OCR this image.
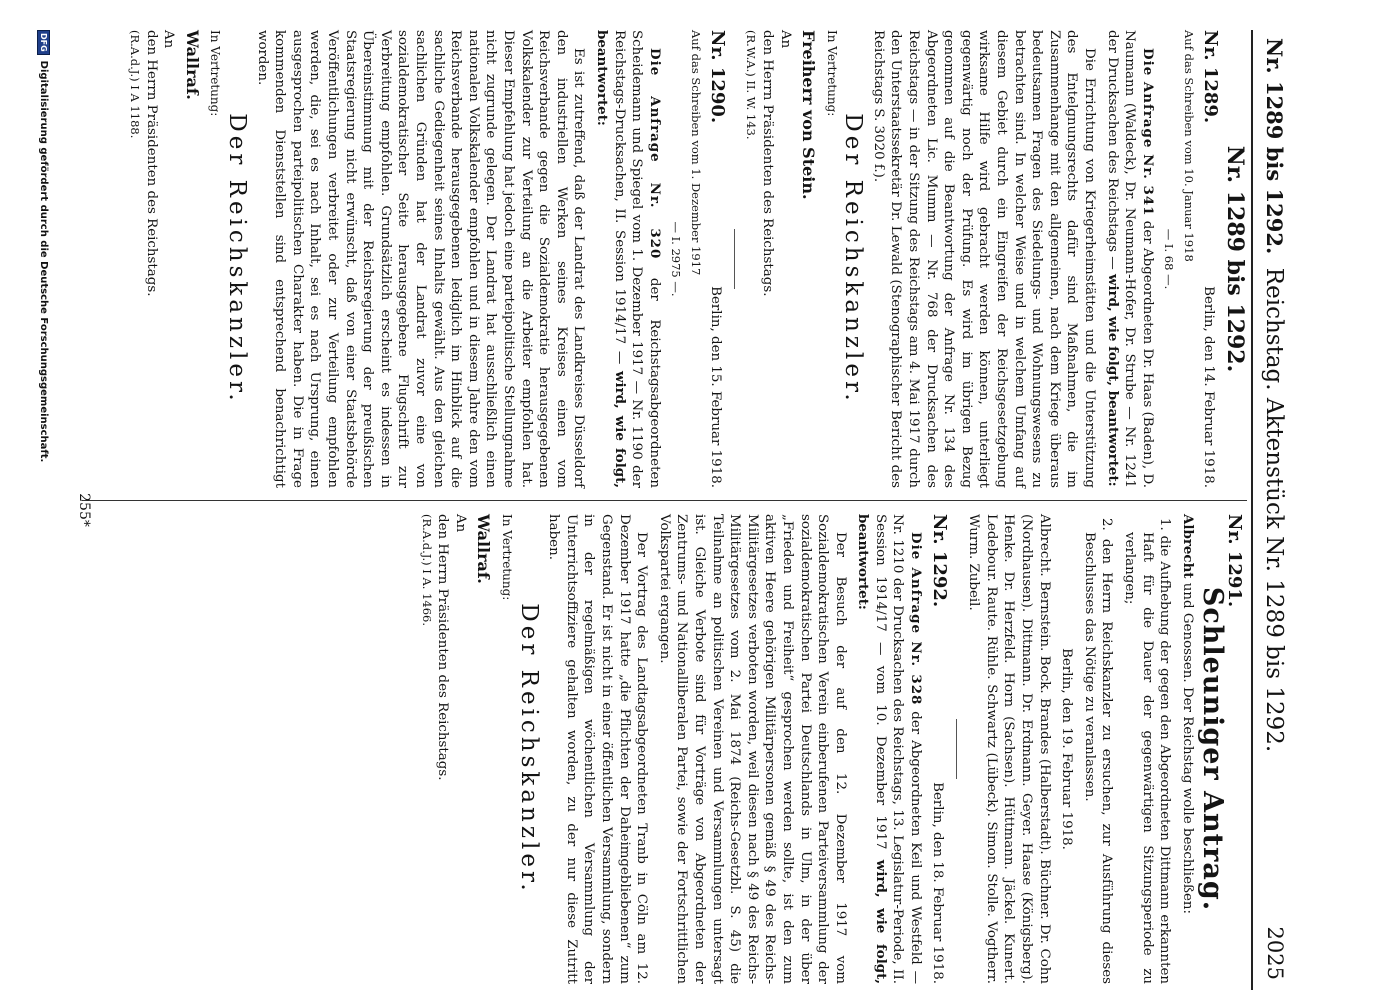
Nr. 1289 bis 1292.
Reichstag. Aktenstück Nr. 1289 bis 1292.
2025
Nr. 1289 bis 1292.
Nr. 1289.
Berlin, den 14. Februar 1918.

Auf das Schreiben vom 10. Januar 1918

— I. 68 —.

Die Anfrage Nr. 341 der Abgeordneten Dr. Haas (Baden), D. Naumann (Waldeck), Dr. Neumann-Hofer, Dr. Strube — Nr. 1241 der Drucksachen des Reichstags — wird, wie folgt, beantwortet:

Die Errichtung von Kriegerheimstätten und die Unterstützung des Entelgnungsrechts dafür sind Maßnahmen, die im Zusammenhange mit den allgemeinen, nach dem Kriege überaus bedeutsamen Fragen des Siedelungs- und Wohnungswesens zu betrachten sind. In welcher Weise und in welchem Umfang auf diesem Gebiet durch ein Eingreifen der Reichsgesetzgebung wirksame Hilfe wird gebracht werden können, unterliegt gegenwärtig noch der Prüfung. Es wird im übrigen Bezug genommen auf die Beantwortung der Anfrage Nr. 134 des Abgeordneten Lic. Mumm — Nr. 768 der Drucksachen des Reichstags — in der Sitzung des Reichstags am 4. Mai 1917 durch den Unterstaatssekretär Dr. Lewald (Stenographischer Bericht des Reichstags S. 3020 f.).

Der Reichskanzler.

In Vertretung:

Freiherr von Stein.

An
den Herrn Präsidenten des Reichstags.

(R.W.A.) II. W. 143.

Nr. 1290.
Berlin, den 15. Februar 1918.

Auf das Schreiben vom 1. Dezember 1917

— I. 2975 —.

Die Anfrage Nr. 320 der Reichstagsabgeordneten Scheidemann und Spiegel vom 1. Dezember 1917 — Nr. 1190 der Reichstags-Drucksachen, II. Session 1914/17 — wird, wie folgt, beantwortet:

Es ist zutreffend, daß der Landrat des Landkreises Düsseldorf den industriellen Werken seines Kreises einen vom Reichsverbande gegen die Sozialdemokratie herausgegebenen Volkskalender zur Verteilung an die Arbeiter empfohlen hat. Dieser Empfehlung hat jedoch eine parteipolitische Stellungnahme nicht zugrunde gelegen. Der Landrat hat ausschließlich einen nationalen Volkskalender empfohlen und in diesem Jahre den vom Reichsverbande herausgegebenen lediglich im Hinblick auf die sachliche Gediegenheit seines Inhalts gewählt. Aus den gleichen sachlichen Gründen hat der Landrat zuvor eine von sozialdemokratischer Seite herausgegebene Flugschrift zur Verbreitung empfohlen. Grundsätzlich erscheint es indessen in Übereinstimmung mit der Reichsregierung der preußischen Staatsregierung nicht erwünscht, daß von einer Staatsbehörde Veröffentlichungen verbreitet oder zur Verteilung empfohlen werden, die, sei es nach Inhalt, sei es nach Ursprung, einen ausgesprochen parteipolitischen Charakter haben. Die in Frage kommenden Dienststellen sind entsprechend benachrichtigt worden.

Der Reichskanzler.

In Vertretung:

Wallraf.

An
den Herrn Präsidenten des Reichstags.

(R.A.d.J.) I A 1188.

Nr. 1291.
Schleuniger Antrag.

Albrecht und Genossen. Der Reichstag wolle beschließen:

1. die Aufhebung der gegen den Abgeordneten Dittmann erkannten Haft für die Dauer der gegenwärtigen Sitzungsperiode zu verlangen;

2. den Herrn Reichskanzler zu ersuchen, zur Ausführung dieses Beschlusses das Nötige zu veranlassen.

Berlin, den 19. Februar 1918.

Albrecht. Bernstein. Bock. Brandes (Halberstadt). Büchner. Dr. Cohn (Nordhausen). Dittmann. Dr. Erdmann. Geyer. Haase (Königsberg). Henke. Dr. Herzfeld. Horn (Sachsen). Hüttmann. Jäckel. Kunert. Ledebour. Raute. Rühle. Schwartz (Lübeck). Simon. Stolle. Vogtherr. Wurm. Zubeil.

Nr. 1292.
Berlin, den 18. Februar 1918.

Die Anfrage Nr. 328 der Abgeordneten Keil und Westfeld — Nr. 1210 der Drucksachen des Reichstags, 13. Legislatur-Periode, II. Session 1914/17 — vom 10. Dezember 1917 wird, wie folgt, beantwortet:

Der Besuch der auf den 12. Dezember 1917 vom Sozialdemokratischen Verein einberufenen Parteiversammlung der sozialdemokratischen Partei Deutschlands in Ulm, in der über „Frieden und Freiheit“ gesprochen werden sollte, ist den zum aktiven Heere gehörigen Militärpersonen gemäß § 49 des Reichs-Militärgesetzes verboten worden, weil diesen nach § 49 des Reichs-Militärgesetzes vom 2. Mai 1874 (Reichs-Gesetzbl. S. 45) die Teilnahme an politischen Vereinen und Versammlungen untersagt ist. Gleiche Verbote sind für Vorträge von Abgeordneten der Zentrums- und Nationalliberalen Partei, sowie der Fortschrittlichen Volkspartei ergangen.

Der Vortrag des Landtagsabgeordneten Tranb in Cöln am 12. Dezember 1917 hatte „die Pflichten der Daheimgebliebenen“ zum Gegenstand. Er ist nicht in einer öffentlichen Versammlung, sondern in der regelmäßigen wöchentlichen Versammlung der Unterrichtsoffiziere gehalten worden, zu der nur diese Zutritt haben.

Der Reichskanzler.

In Vertretung:

Wallraf.

An
den Herrn Präsidenten des Reichstags.

(R.A.d.J.) I A. 1466.

255*
DFG
Digitalisierung gefördert durch die Deutsche Forschungsgemeinschaft.
